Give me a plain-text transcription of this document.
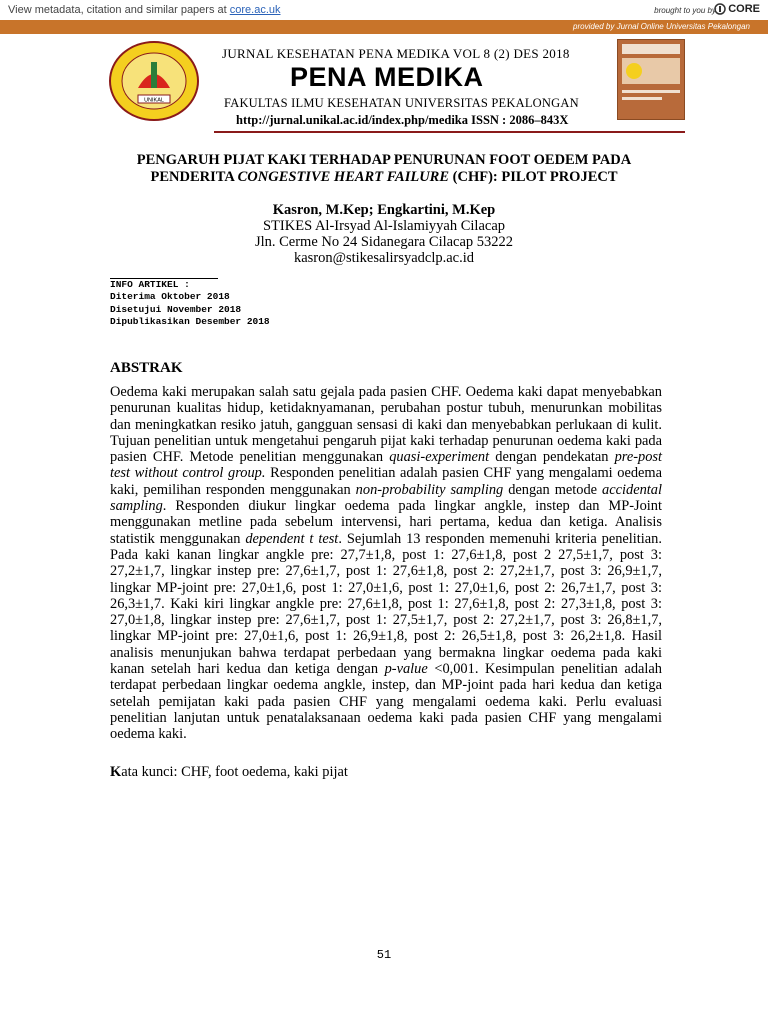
View metadata, citation and similar papers at core.ac.uk	brought to you by CORE
provided by Jurnal Online Universitas Pekalongan
UNIKAL
JURNAL KESEHATAN PENA MEDIKA VOL 8 (2) DES 2018
PENA MEDIKA
FAKULTAS ILMU KESEHATAN UNIVERSITAS PEKALONGAN
http://jurnal.unikal.ac.id/index.php/medika ISSN : 2086–843X
PENGARUH PIJAT KAKI TERHADAP PENURUNAN FOOT OEDEM PADA
PENDERITA CONGESTIVE HEART FAILURE (CHF): PILOT PROJECT
Kasron, M.Kep; Engkartini, M.Kep
STIKES Al-Irsyad Al-Islamiyyah Cilacap
Jln. Cerme No 24 Sidanegara Cilacap 53222
kasron@stikesalirsyadclp.ac.id
INFO ARTIKEL :
Diterima Oktober 2018
Disetujui November 2018
Dipublikasikan Desember 2018
ABSTRAK
Oedema kaki merupakan salah satu gejala pada pasien CHF. Oedema kaki dapat menyebabkan penurunan kualitas hidup, ketidaknyamanan, perubahan postur tubuh, menurunkan mobilitas dan meningkatkan resiko jatuh, gangguan sensasi di kaki dan menyebabkan perlukaan di kulit. Tujuan penelitian untuk mengetahui pengaruh pijat kaki terhadap penurunan oedema kaki pada pasien CHF. Metode penelitian menggunakan quasi-experiment dengan pendekatan pre-post test without control group. Responden penelitian adalah pasien CHF yang mengalami oedema kaki, pemilihan responden menggunakan non-probability sampling dengan metode accidental sampling. Responden diukur lingkar oedema pada lingkar angkle, instep dan MP-Joint menggunakan metline pada sebelum intervensi, hari pertama, kedua dan ketiga. Analisis statistik menggunakan dependent t test. Sejumlah 13 responden memenuhi kriteria penelitian. Pada kaki kanan lingkar angkle pre: 27,7±1,8, post 1: 27,6±1,8, post 2 27,5±1,7, post 3: 27,2±1,7, lingkar instep pre: 27,6±1,7, post 1: 27,6±1,8, post 2: 27,2±1,7, post 3: 26,9±1,7, lingkar MP-joint pre: 27,0±1,6, post 1: 27,0±1,6, post 1: 27,0±1,6, post 2: 26,7±1,7, post 3: 26,3±1,7. Kaki kiri lingkar angkle pre: 27,6±1,8, post 1: 27,6±1,8, post 2: 27,3±1,8, post 3: 27,0±1,8, lingkar instep pre: 27,6±1,7, post 1: 27,5±1,7, post 2: 27,2±1,7, post 3: 26,8±1,7, lingkar MP-joint pre: 27,0±1,6, post 1: 26,9±1,8, post 2: 26,5±1,8, post 3: 26,2±1,8. Hasil analisis menunjukan bahwa terdapat perbedaan yang bermakna lingkar oedema pada kaki kanan setelah hari kedua dan ketiga dengan p-value <0,001. Kesimpulan penelitian adalah terdapat perbedaan lingkar oedema angkle, instep, dan MP-joint pada hari kedua dan ketiga setelah pemijatan kaki pada pasien CHF yang mengalami oedema kaki. Perlu evaluasi penelitian lanjutan untuk penatalaksanaan oedema kaki pada pasien CHF yang mengalami oedema kaki.
Kata kunci: CHF, foot oedema, kaki pijat
51
